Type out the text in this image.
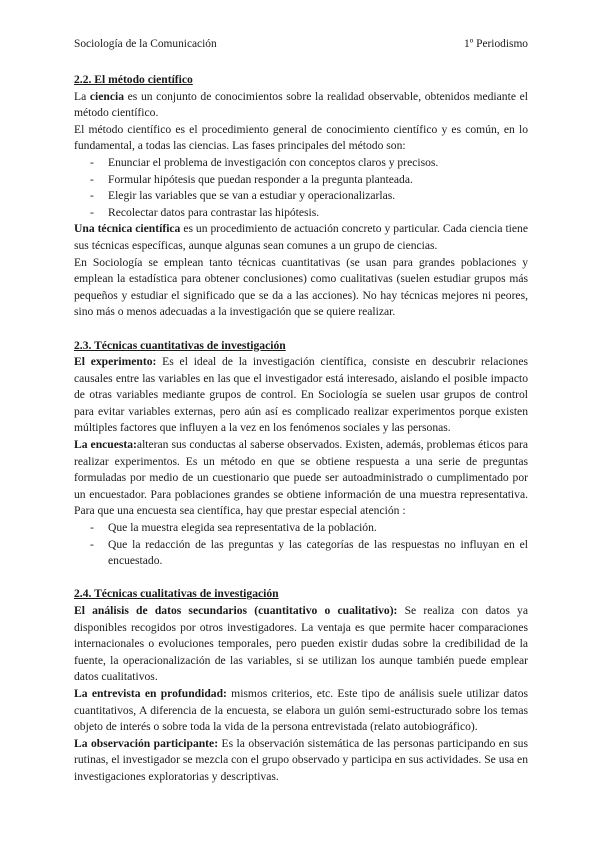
Sociología de la Comunicación	1º Periodismo
2.2. El método científico

La ciencia es un conjunto de conocimientos sobre la realidad observable, obtenidos mediante el método científico.

El método científico es el procedimiento general de conocimiento científico y es común, en lo fundamental, a todas las ciencias. Las fases principales del método son:

- Enunciar el problema de investigación con conceptos claros y precisos.
- Formular hipótesis que puedan responder a la pregunta planteada.
- Elegir las variables que se van a estudiar y operacionalizarlas.
- Recolectar datos para contrastar las hipótesis.

Una técnica científica es un procedimiento de actuación concreto y particular. Cada ciencia tiene sus técnicas específicas, aunque algunas sean comunes a un grupo de ciencias.

En Sociología se emplean tanto técnicas cuantitativas (se usan para grandes poblaciones y emplean la estadística para obtener conclusiones) como cualitativas (suelen estudiar grupos más pequeños y estudiar el significado que se da a las acciones). No hay técnicas mejores ni peores, sino más o menos adecuadas a la investigación que se quiere realizar.

2.3. Técnicas cuantitativas de investigación

El experimento: Es el ideal de la investigación científica, consiste en descubrir relaciones causales entre las variables en las que el investigador está interesado, aislando el posible impacto de otras variables mediante grupos de control. En Sociología se suelen usar grupos de control para evitar variables externas, pero aún así es complicado realizar experimentos porque existen múltiples factores que influyen a la vez en los fenómenos sociales y las personas.

La encuesta:alteran sus conductas al saberse observados. Existen, además, problemas éticos para realizar experimentos. Es un método en que se obtiene respuesta a una serie de preguntas formuladas por medio de un cuestionario que puede ser autoadministrado o cumplimentado por un encuestador. Para poblaciones grandes se obtiene información de una muestra representativa. Para que una encuesta sea científica, hay que prestar especial atención :

- Que la muestra elegida sea representativa de la población.
- Que la redacción de las preguntas y las categorías de las respuestas no influyan en el encuestado.
2.4. Técnicas cualitativas de investigación

El análisis de datos secundarios (cuantitativo o cualitativo): Se realiza con datos ya disponibles recogidos por otros investigadores. La ventaja es que permite hacer comparaciones internacionales o evoluciones temporales, pero pueden existir dudas sobre la credibilidad de la fuente, la operacionalización de las variables, si se utilizan los aunque también puede emplear datos cualitativos.

La entrevista en profundidad: mismos criterios, etc. Este tipo de análisis suele utilizar datos cuantitativos, A diferencia de la encuesta, se elabora un guión semi-estructurado sobre los temas objeto de interés o sobre toda la vida de la persona entrevistada (relato autobiográfico).

La observación participante: Es la observación sistemática de las personas participando en sus rutinas, el investigador se mezcla con el grupo observado y participa en sus actividades. Se usa en investigaciones exploratorias y descriptivas.
